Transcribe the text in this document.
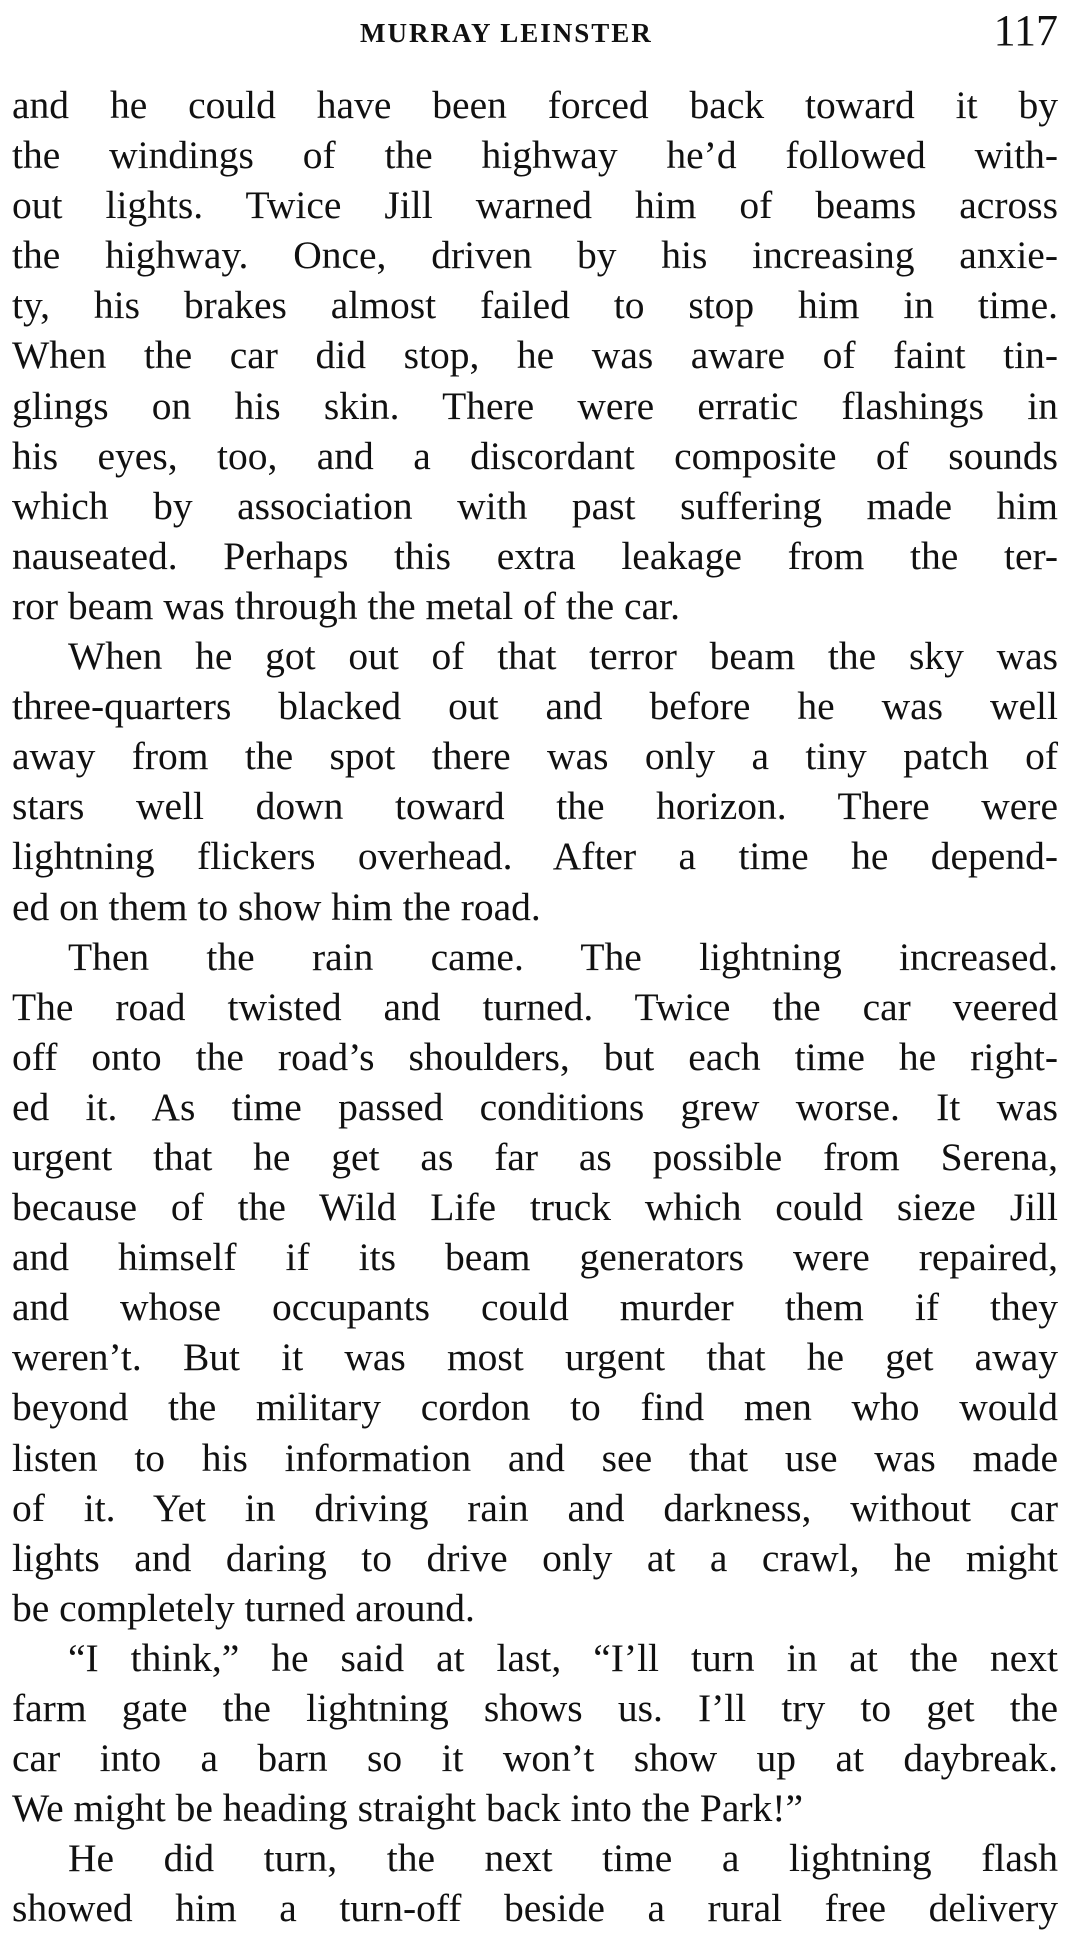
MURRAY LEINSTER	117

and he could have been forced back toward it by
the windings of the highway he’d followed with-
out lights. Twice Jill warned him of beams across
the highway. Once, driven by his increasing anxie-
ty, his brakes almost failed to stop him in time.
When the car did stop, he was aware of faint tin-
glings on his skin. There were erratic flashings in
his eyes, too, and a discordant composite of sounds
which by association with past suffering made him
nauseated. Perhaps this extra leakage from the ter-
ror beam was through the metal of the car.

When he got out of that terror beam the sky was
three-quarters blacked out and before he was well
away from the spot there was only a tiny patch of
stars well down toward the horizon. There were
lightning flickers overhead. After a time he depend-
ed on them to show him the road.

Then the rain came. The lightning increased.
The road twisted and turned. Twice the car veered
off onto the road’s shoulders, but each time he right-
ed it. As time passed conditions grew worse. It was
urgent that he get as far as possible from Serena,
because of the Wild Life truck which could sieze Jill
and himself if its beam generators were repaired,
and whose occupants could murder them if they
weren’t. But it was most urgent that he get away
beyond the military cordon to find men who would
listen to his information and see that use was made
of it. Yet in driving rain and darkness, without car
lights and daring to drive only at a crawl, he might
be completely turned around.

“I think,” he said at last, “I’ll turn in at the next
farm gate the lightning shows us. I’ll try to get the
car into a barn so it won’t show up at daybreak.
We might be heading straight back into the Park!”

He did turn, the next time a lightning flash
showed him a turn-off beside a rural free delivery
